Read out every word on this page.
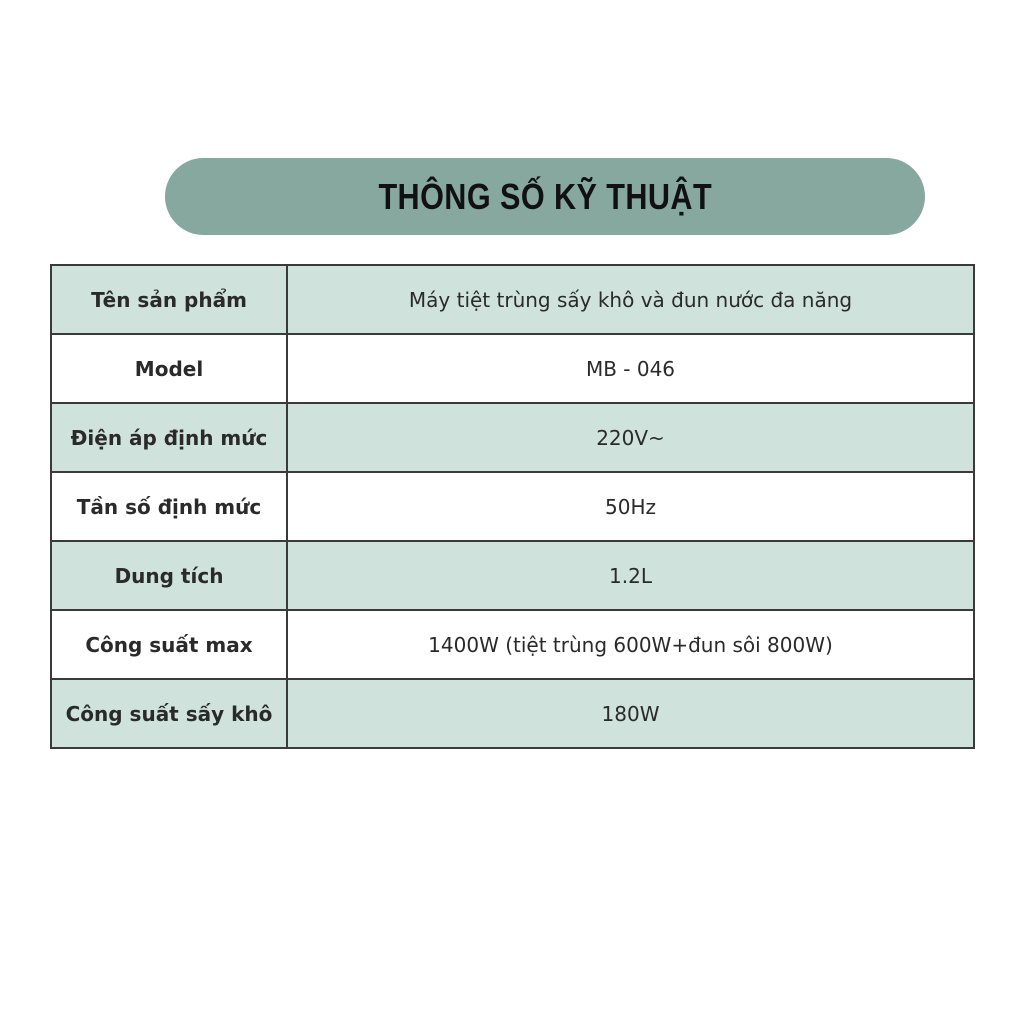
THÔNG SỐ KỸ THUẬT
Tên sản phẩm	Máy tiệt trùng sấy khô và đun nước đa năng
Model	MB - 046
Điện áp định mức	220V~
Tần số định mức	50Hz
Dung tích	1.2L
Công suất max	1400W (tiệt trùng 600W+đun sôi 800W)
Công suất sấy khô	180W
